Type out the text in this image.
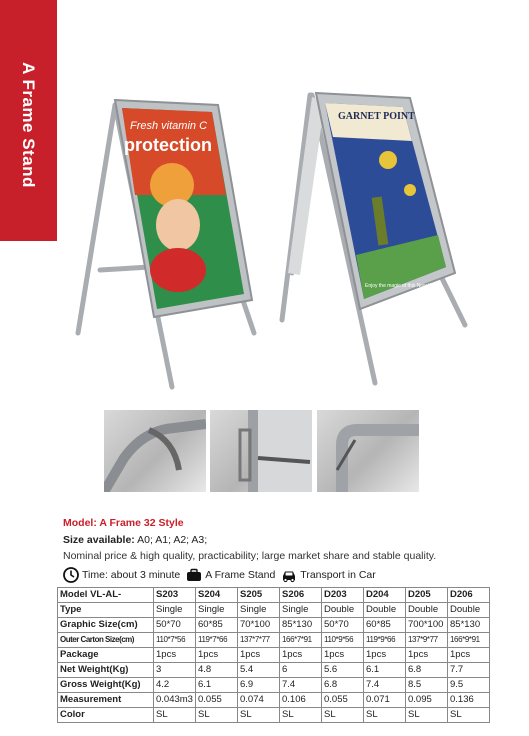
A Frame Stand	Fresh vitamin C
protection
GARNET POINT
Enjoy the magic of this New World
Model: A Frame 32 Style
Size available: A0; A1; A2; A3;
Nominal price & high quality, practicability; large market share and stable quality.
Time: about 3 minute A Frame Stand Transport in Car
Model VL-AL-	S203	S204	S205	S206	D203	D204	D205	D206
Type	Single	Single	Single	Single	Double	Double	Double	Double
Graphic Size(cm)	50*70	60*85	70*100	85*130	50*70	60*85	700*100	85*130
Outer Carton Size(cm)	110*7*56	119*7*66	137*7*77	166*7*91	110*9*56	119*9*66	137*9*77	166*9*91
Package	1pcs	1pcs	1pcs	1pcs	1pcs	1pcs	1pcs	1pcs
Net Weight(Kg)	3	4.8	5.4	6	5.6	6.1	6.8	7.7
Gross Weight(Kg)	4.2	6.1	6.9	7.4	6.8	7.4	8.5	9.5
Measurement	0.043m3	0.055	0.074	0.106	0.055	0.071	0.095	0.136
Color	SL	SL	SL	SL	SL	SL	SL	SL
